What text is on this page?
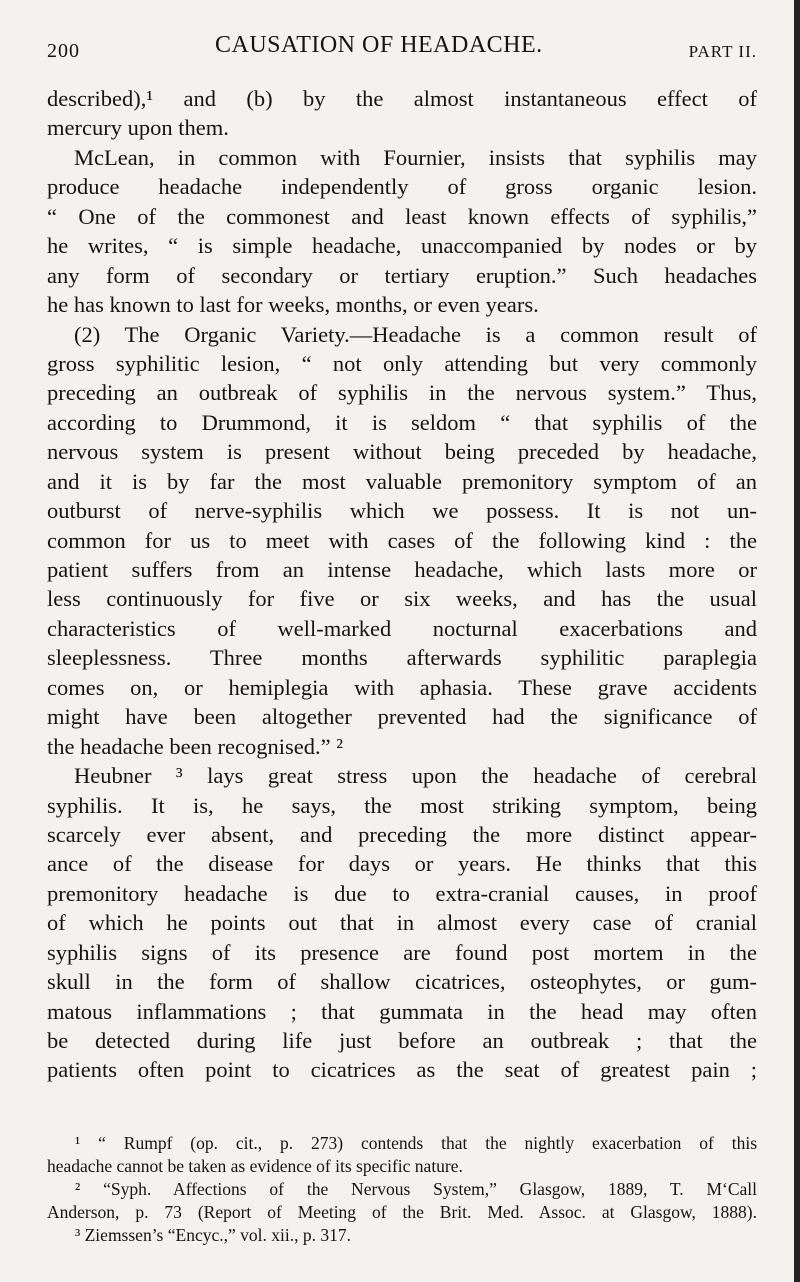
200	CAUSATION OF HEADACHE.	PART II.
described),¹ and (b) by the almost instantaneous effect of
mercury upon them.
McLean, in common with Fournier, insists that syphilis may
produce headache independently of gross organic lesion.
“ One of the commonest and least known effects of syphilis,”
he writes, “ is simple headache, unaccompanied by nodes or by
any form of secondary or tertiary eruption.” Such headaches
he has known to last for weeks, months, or even years.
(2) The Organic Variety.—Headache is a common result of
gross syphilitic lesion, “ not only attending but very commonly
preceding an outbreak of syphilis in the nervous system.” Thus,
according to Drummond, it is seldom “ that syphilis of the
nervous system is present without being preceded by headache,
and it is by far the most valuable premonitory symptom of an
outburst of nerve-syphilis which we possess. It is not un-
common for us to meet with cases of the following kind : the
patient suffers from an intense headache, which lasts more or
less continuously for five or six weeks, and has the usual
characteristics of well-marked nocturnal exacerbations and
sleeplessness. Three months afterwards syphilitic paraplegia
comes on, or hemiplegia with aphasia. These grave accidents
might have been altogether prevented had the significance of
the headache been recognised.” ²
Heubner ³ lays great stress upon the headache of cerebral
syphilis. It is, he says, the most striking symptom, being
scarcely ever absent, and preceding the more distinct appear-
ance of the disease for days or years. He thinks that this
premonitory headache is due to extra-cranial causes, in proof
of which he points out that in almost every case of cranial
syphilis signs of its presence are found post mortem in the
skull in the form of shallow cicatrices, osteophytes, or gum-
matous inflammations ; that gummata in the head may often
be detected during life just before an outbreak ; that the
patients often point to cicatrices as the seat of greatest pain ;
¹ “ Rumpf (op. cit., p. 273) contends that the nightly exacerbation of this
headache cannot be taken as evidence of its specific nature.
² “Syph. Affections of the Nervous System,” Glasgow, 1889, T. M‘Call
Anderson, p. 73 (Report of Meeting of the Brit. Med. Assoc. at Glasgow, 1888).
³ Ziemssen’s “Encyc.,” vol. xii., p. 317.
